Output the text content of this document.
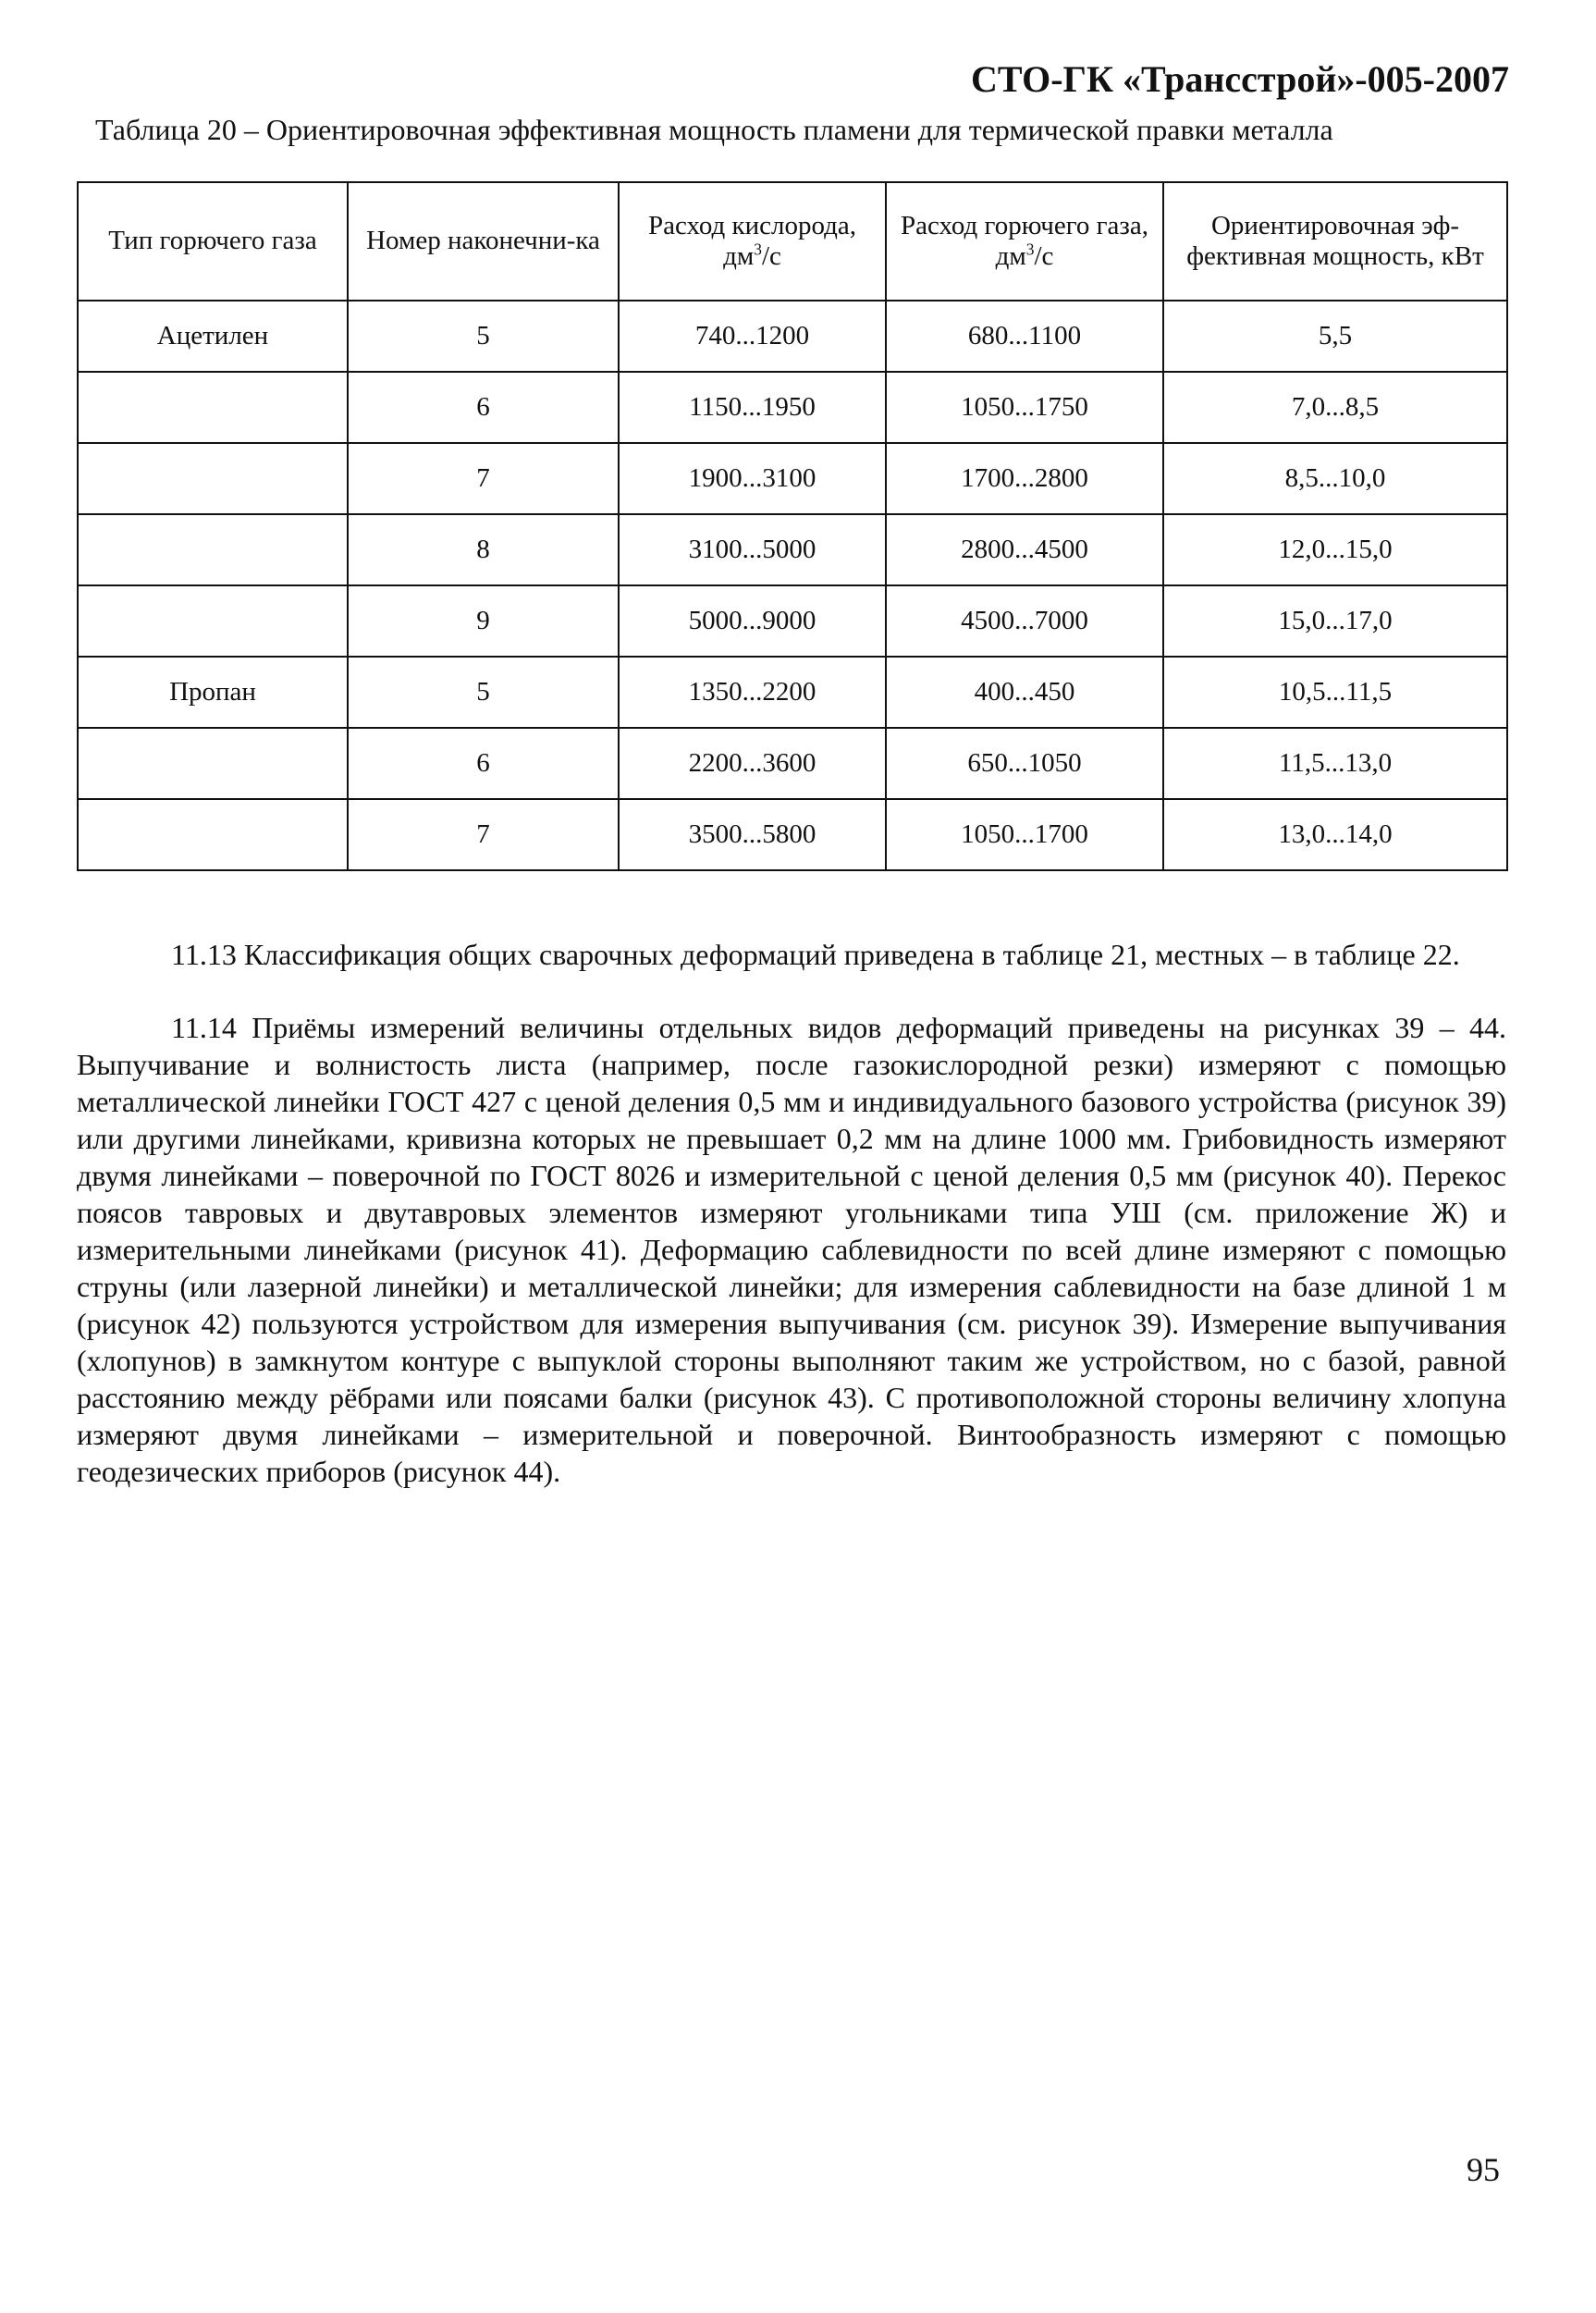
СТО-ГК «Трансстрой»-005-2007
Таблица 20 – Ориентировочная эффективная мощность пламени для термической правки металла
Тип горючего газа	Номер наконечни-ка	Расход кислорода, $дм^3/с$	Расход горючего газа, $дм^3/с$	Ориентировочная эф-фективная мощность, кВт
Ацетилен	5	740...1200	680...1100	5,5
	6	1150...1950	1050...1750	7,0...8,5
	7	1900...3100	1700...2800	8,5...10,0
	8	3100...5000	2800...4500	12,0...15,0
	9	5000...9000	4500...7000	15,0...17,0
Пропан	5	1350...2200	400...450	10,5...11,5
	6	2200...3600	650...1050	11,5...13,0
	7	3500...5800	1050...1700	13,0...14,0

11.13 Классификация общих сварочных деформаций приведена в таблице 21, местных – в таблице 22.

11.14 Приёмы измерений величины отдельных видов деформаций приведены на рисунках 39 – 44. Выпучивание и волнистость листа (например, после газокислородной резки) измеряют с помощью металлической линейки ГОСТ 427 с ценой деления 0,5 мм и индивидуального базового устройства (рисунок 39) или другими линейками, кривизна которых не превышает 0,2 мм на длине 1000 мм. Грибовидность измеряют двумя линейками – поверочной по ГОСТ 8026 и измерительной с ценой деления 0,5 мм (рисунок 40). Перекос поясов тавровых и двутавровых элементов измеряют угольниками типа УШ (см. приложение Ж) и измерительными линейками (рисунок 41). Деформацию саблевидности по всей длине измеряют с помощью струны (или лазерной линейки) и металлической линейки; для измерения саблевидности на базе длиной 1 м (рисунок 42) пользуются устройством для измерения выпучивания (см. рисунок 39). Измерение выпучивания (хлопунов) в замкнутом контуре с выпуклой стороны выполняют таким же устройством, но с базой, равной расстоянию между рёбрами или поясами балки (рисунок 43). С противоположной стороны величину хлопуна измеряют двумя линейками – измерительной и поверочной. Винтообразность измеряют с помощью геодезических приборов (рисунок 44).

95
